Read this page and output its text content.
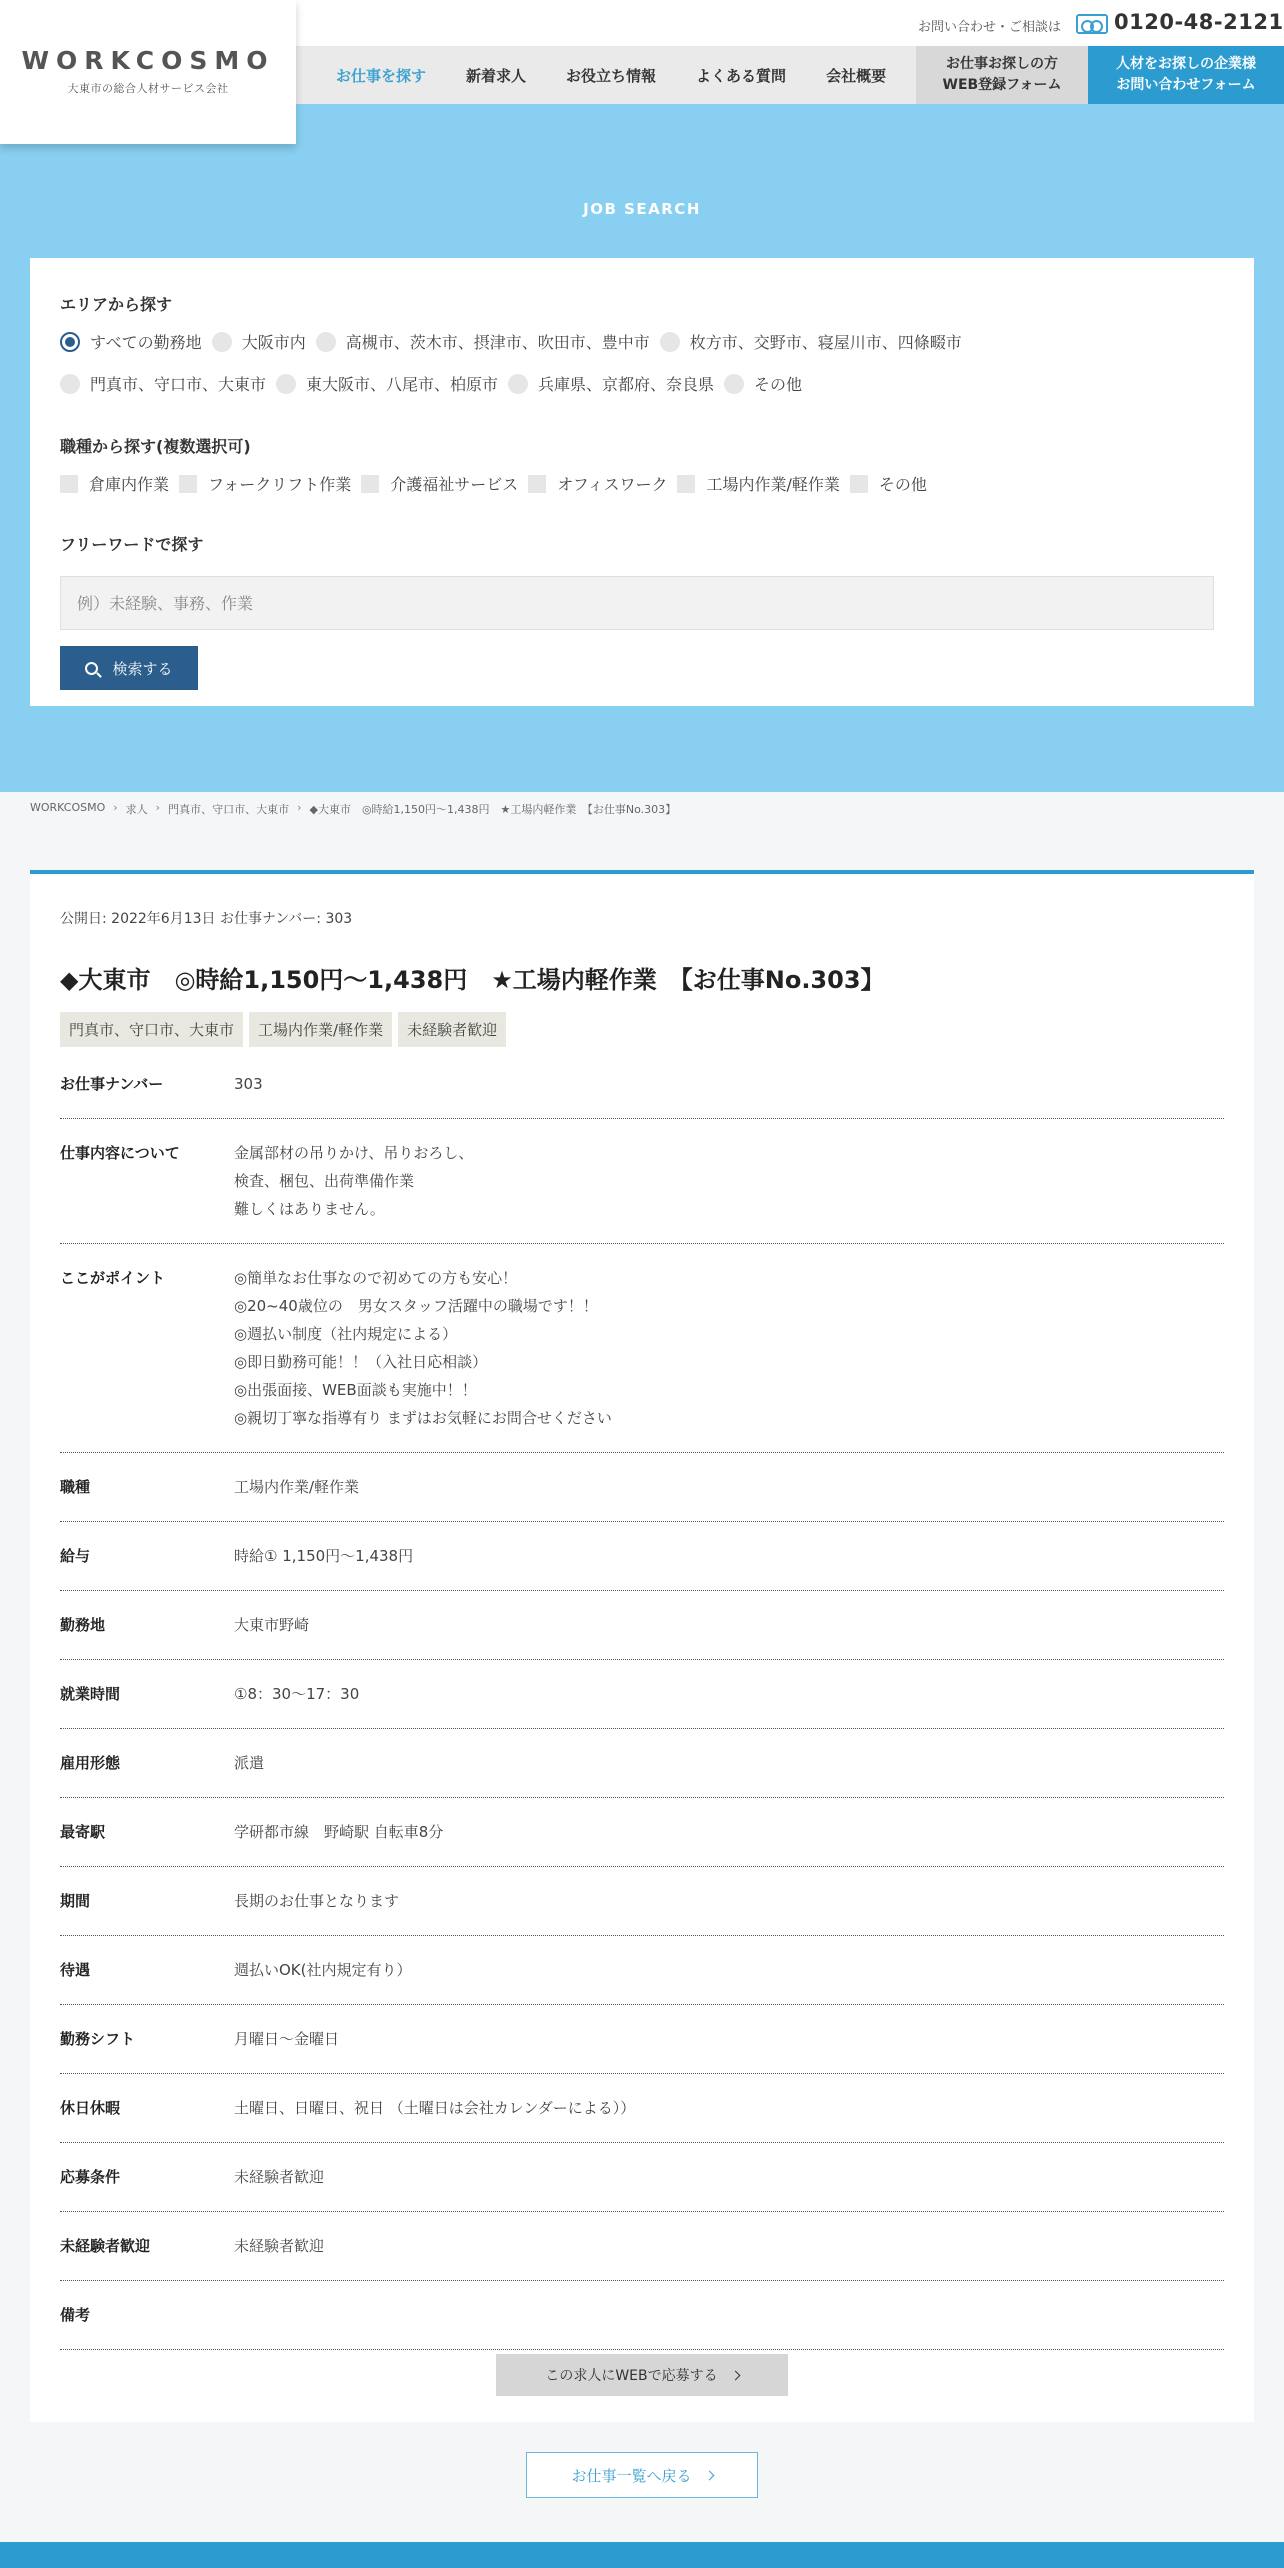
WORKCOSMO
大東市の総合人材サービス会社
お問い合わせ・ご相談は	0120-48-2121
お仕事を探す	新着求人	お役立ち情報	よくある質問	会社概要
お仕事お探しの方
WEB登録フォーム
人材をお探しの企業様
お問い合わせフォーム
JOB SEARCH
エリアから探す
すべての勤務地	大阪市内	高槻市、茨木市、摂津市、吹田市、豊中市	枚方市、交野市、寝屋川市、四條畷市
門真市、守口市、大東市	東大阪市、八尾市、柏原市	兵庫県、京都府、奈良県	その他
職種から探す(複数選択可)
倉庫内作業 フォークリフト作業 介護福祉サービス オフィスワーク 工場内作業/軽作業 その他
フリーワードで探す
例）未経験、事務、作業
検索する
WORKCOSMO › 求人 › 門真市、守口市、大東市 › ◆大東市　◎時給1,150円〜1,438円　★工場内軽作業　【お仕事No.303】
公開日: 2022年6月13日 お仕事ナンバー: 303
◆大東市　◎時給1,150円〜1,438円　★工場内軽作業　【お仕事No.303】
門真市、守口市、大東市	工場内作業/軽作業	未経験者歓迎
お仕事ナンバー	303
仕事内容について	金属部材の吊りかけ、吊りおろし、
検査、梱包、出荷準備作業
難しくはありません。
ここがポイント	◎簡単なお仕事なので初めての方も安心！
◎20~40歳位の　男女スタッフ活躍中の職場です！！
◎週払い制度（社内規定による）
◎即日勤務可能！！（入社日応相談）
◎出張面接、WEB面談も実施中！！
◎親切丁寧な指導有り まずはお気軽にお問合せください
職種	工場内作業/軽作業
給与	時給① 1,150円〜1,438円
勤務地	大東市野崎
就業時間	①8：30〜17：30
雇用形態	派遣
最寄駅	学研都市線　野崎駅 自転車8分
期間	長期のお仕事となります
待遇	週払いOK(社内規定有り）
勤務シフト	月曜日〜金曜日
休日休暇	土曜日、日曜日、祝日 （土曜日は会社カレンダーによる））
応募条件	未経験者歓迎
未経験者歓迎	未経験者歓迎
備考
この求人にWEBで応募する
お仕事一覧へ戻る
